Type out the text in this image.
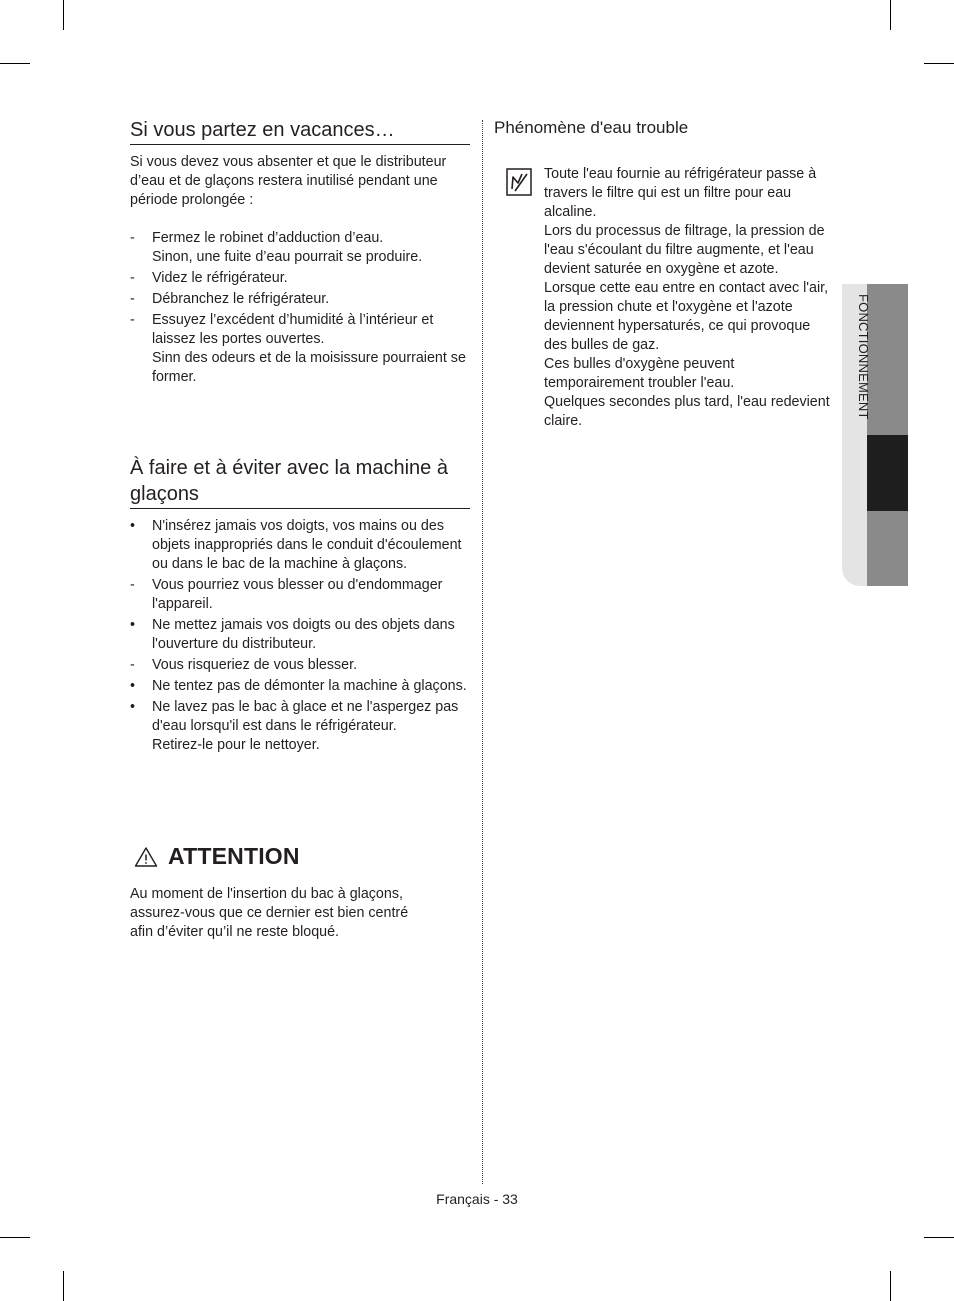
Si vous partez en vacances…

Si vous devez vous absenter et que le distributeur d’eau et de glaçons restera inutilisé pendant une période prolongée :

- Fermez le robinet d’adduction d’eau.
Sinon, une fuite d’eau pourrait se produire.
- Videz le réfrigérateur.
- Débranchez le réfrigérateur.
- Essuyez l’excédent d’humidité à l’intérieur et laissez les portes ouvertes.
Sinn des odeurs et de la moisissure pourraient se former.
À faire et à éviter avec la machine à glaçons
• N'insérez jamais vos doigts, vos mains ou des objets inappropriés dans le conduit d'écoulement ou dans le bac de la machine à glaçons.
- Vous pourriez vous blesser ou d'endommager l'appareil.
• Ne mettez jamais vos doigts ou des objets dans l'ouverture du distributeur.
- Vous risqueriez de vous blesser.
• Ne tentez pas de démonter la machine à glaçons.
• Ne lavez pas le bac à glace et ne l'aspergez pas d'eau lorsqu'il est dans le réfrigérateur.
Retirez-le pour le nettoyer.
ATTENTION

Au moment de l'insertion du bac à glaçons, assurez-vous que ce dernier est bien centré afin d’éviter qu’il ne reste bloqué.

Phénomène d'eau trouble

Toute l'eau fournie au réfrigérateur passe à travers le filtre qui est un filtre pour eau alcaline.
Lors du processus de filtrage, la pression de l'eau s'écoulant du filtre augmente, et l'eau devient saturée en oxygène et azote.
Lorsque cette eau entre en contact avec l'air, la pression chute et l'oxygène et l'azote deviennent hypersaturés, ce qui provoque des bulles de gaz.
Ces bulles d'oxygène peuvent temporairement troubler l'eau.
Quelques secondes plus tard, l'eau redevient claire.

FONCTIONNEMENT
Français - 33
